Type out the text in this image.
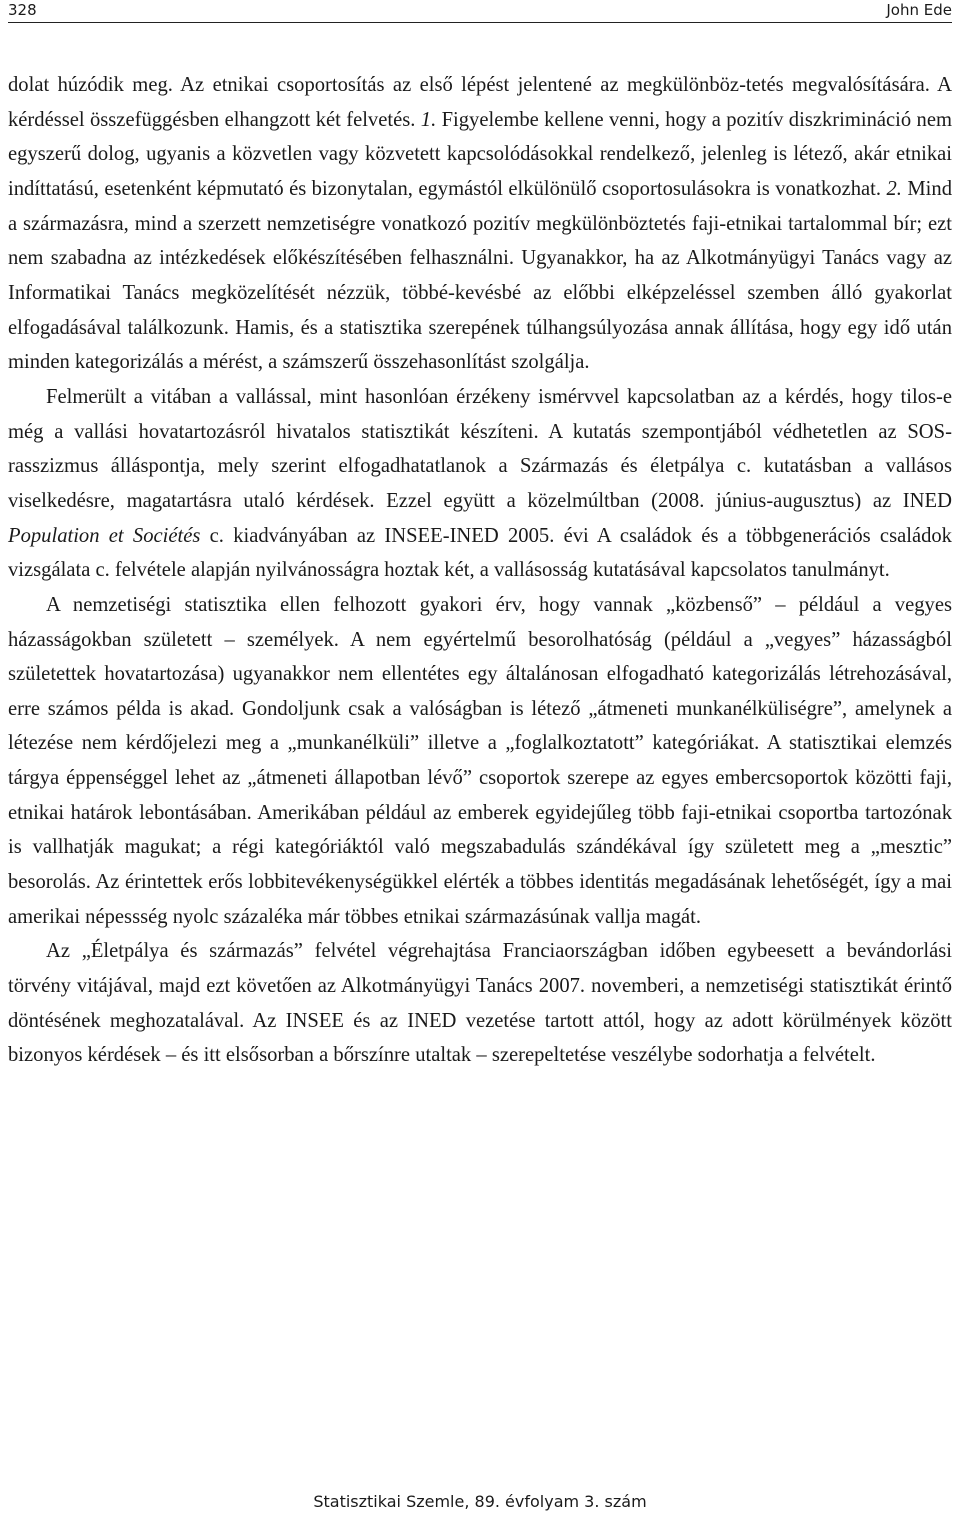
328	John Ede

dolat húzódik meg. Az etnikai csoportosítás az első lépést jelentené az megkülönböz-tetés megvalósítására. A kérdéssel összefüggésben elhangzott két felvetés. 1. Figyelembe kellene venni, hogy a pozitív diszkrimináció nem egyszerű dolog, ugyanis a közvetlen vagy közvetett kapcsolódásokkal rendelkező, jelenleg is létező, akár etnikai indíttatású, esetenként képmutató és bizonytalan, egymástól elkülönülő csoportosulásokra is vonatkozhat. 2. Mind a származásra, mind a szerzett nemzetiségre vonatkozó pozitív megkülönböztetés faji-etnikai tartalommal bír; ezt nem szabadna az intézkedések előkészítésében felhasználni. Ugyanakkor, ha az Alkotmányügyi Tanács vagy az Informatikai Tanács megközelítését nézzük, többé-kevésbé az előbbi elképzeléssel szemben álló gyakorlat elfogadásával találkozunk. Hamis, és a statisztika szerepének túlhangsúlyozása annak állítása, hogy egy idő után minden kategorizálás a mérést, a számszerű összehasonlítást szolgálja.

Felmerült a vitában a vallással, mint hasonlóan érzékeny ismérvvel kapcsolatban az a kérdés, hogy tilos-e még a vallási hovatartozásról hivatalos statisztikát készíteni. A kutatás szempontjából védhetetlen az SOS-rasszizmus álláspontja, mely szerint elfogadhatatlanok a Származás és életpálya c. kutatásban a vallásos viselkedésre, magatartásra utaló kérdések. Ezzel együtt a közelmúltban (2008. június-augusztus) az INED Population et Sociétés c. kiadványában az INSEE-INED 2005. évi A családok és a többgenerációs családok vizsgálata c. felvétele alapján nyilvánosságra hoztak két, a vallásosság kutatásával kapcsolatos tanulmányt.

A nemzetiségi statisztika ellen felhozott gyakori érv, hogy vannak „közbenső” – például a vegyes házasságokban született – személyek. A nem egyértelmű besorolhatóság (például a „vegyes” házasságból születettek hovatartozása) ugyanakkor nem ellentétes egy általánosan elfogadható kategorizálás létrehozásával, erre számos példa is akad. Gondoljunk csak a valóságban is létező „átmeneti munkanélküliségre”, amelynek a létezése nem kérdőjelezi meg a „munkanélküli” illetve a „foglalkoztatott” kategóriákat. A statisztikai elemzés tárgya éppenséggel lehet az „átmeneti állapotban lévő” csoportok szerepe az egyes embercsoportok közötti faji, etnikai határok lebontásában. Amerikában például az emberek egyidejűleg több faji-etnikai csoportba tartozónak is vallhatják magukat; a régi kategóriáktól való megszabadulás szándékával így született meg a „mesztic” besorolás. Az érintettek erős lobbitevékenységükkel elérték a többes identitás megadásának lehetőségét, így a mai amerikai népessség nyolc százaléka már többes etnikai származásúnak vallja magát.

Az „Életpálya és származás” felvétel végrehajtása Franciaországban időben egybeesett a bevándorlási törvény vitájával, majd ezt követően az Alkotmányügyi Tanács 2007. novemberi, a nemzetiségi statisztikát érintő döntésének meghozatalával. Az INSEE és az INED vezetése tartott attól, hogy az adott körülmények között bizonyos kérdések – és itt elsősorban a bőrszínre utaltak – szerepeltetése veszélybe sodorhatja a felvételt.

Statisztikai Szemle, 89. évfolyam 3. szám
